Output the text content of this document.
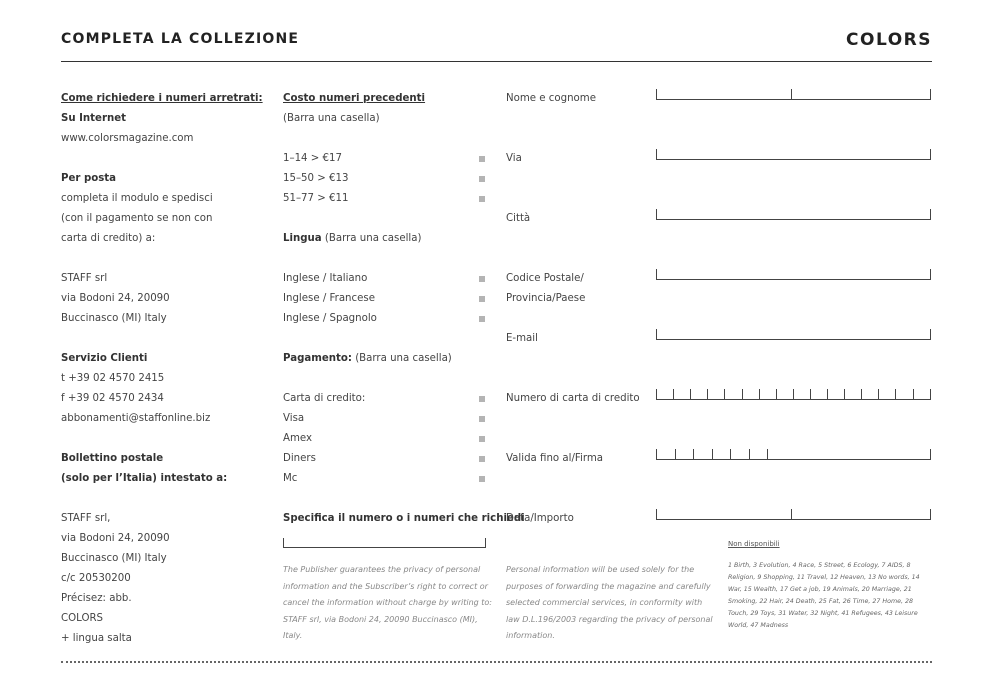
COMPLETA LA COLLEZIONE	COLORS
Come richiedere i numeri arretrati:
Su Internet
www.colorsmagazine.com
Per posta
completa il modulo e spedisci
(con il pagamento se non con
carta di credito) a:
STAFF srl
via Bodoni 24, 20090
Buccinasco (MI) Italy
Servizio Clienti
t +39 02 4570 2415
f +39 02 4570 2434
abbonamenti@staffonline.biz
Bollettino postale
(solo per l’Italia) intestato a:
STAFF srl,
via Bodoni 24, 20090
Buccinasco (MI) Italy
c/c 20530200
Précisez: abb.
COLORS
+ lingua salta
Costo numeri precedenti
(Barra una casella)
1–14 > €17
15–50 > €13
51–77 > €11
Lingua (Barra una casella)
Inglese / Italiano
Inglese / Francese
Inglese / Spagnolo
Pagamento: (Barra una casella)
Carta di credito:
Visa
Amex
Diners
Mc
Specifica il numero o i numeri che richiedi
The Publisher guarantees the privacy of personal information and the Subscriber’s right to correct or cancel the information without charge by writing to: STAFF srl, via Bodoni 24, 20090 Buccinasco (MI), Italy.
Nome e cognome
Via
Città
Codice Postale/
Provincia/Paese
E-mail
Numero di carta di credito
Valida fino al/Firma
Data/Importo
Personal information will be used solely for the purposes of forwarding the magazine and carefully selected commercial services, in conformity with law D.L.196/2003 regarding the privacy of personal information.
Non disponibili
1 Birth, 3 Evolution, 4 Race, 5 Street, 6 Ecology, 7 AIDS, 8 Religion, 9 Shopping, 11 Travel, 12 Heaven, 13 No words, 14 War, 15 Wealth, 17 Get a job, 19 Animals, 20 Marriage, 21 Smoking, 22 Hair, 24 Death, 25 Fat, 26 Time, 27 Home, 28 Touch, 29 Toys, 31 Water, 32 Night, 41 Refugees, 43 Leisure World, 47 Madness
